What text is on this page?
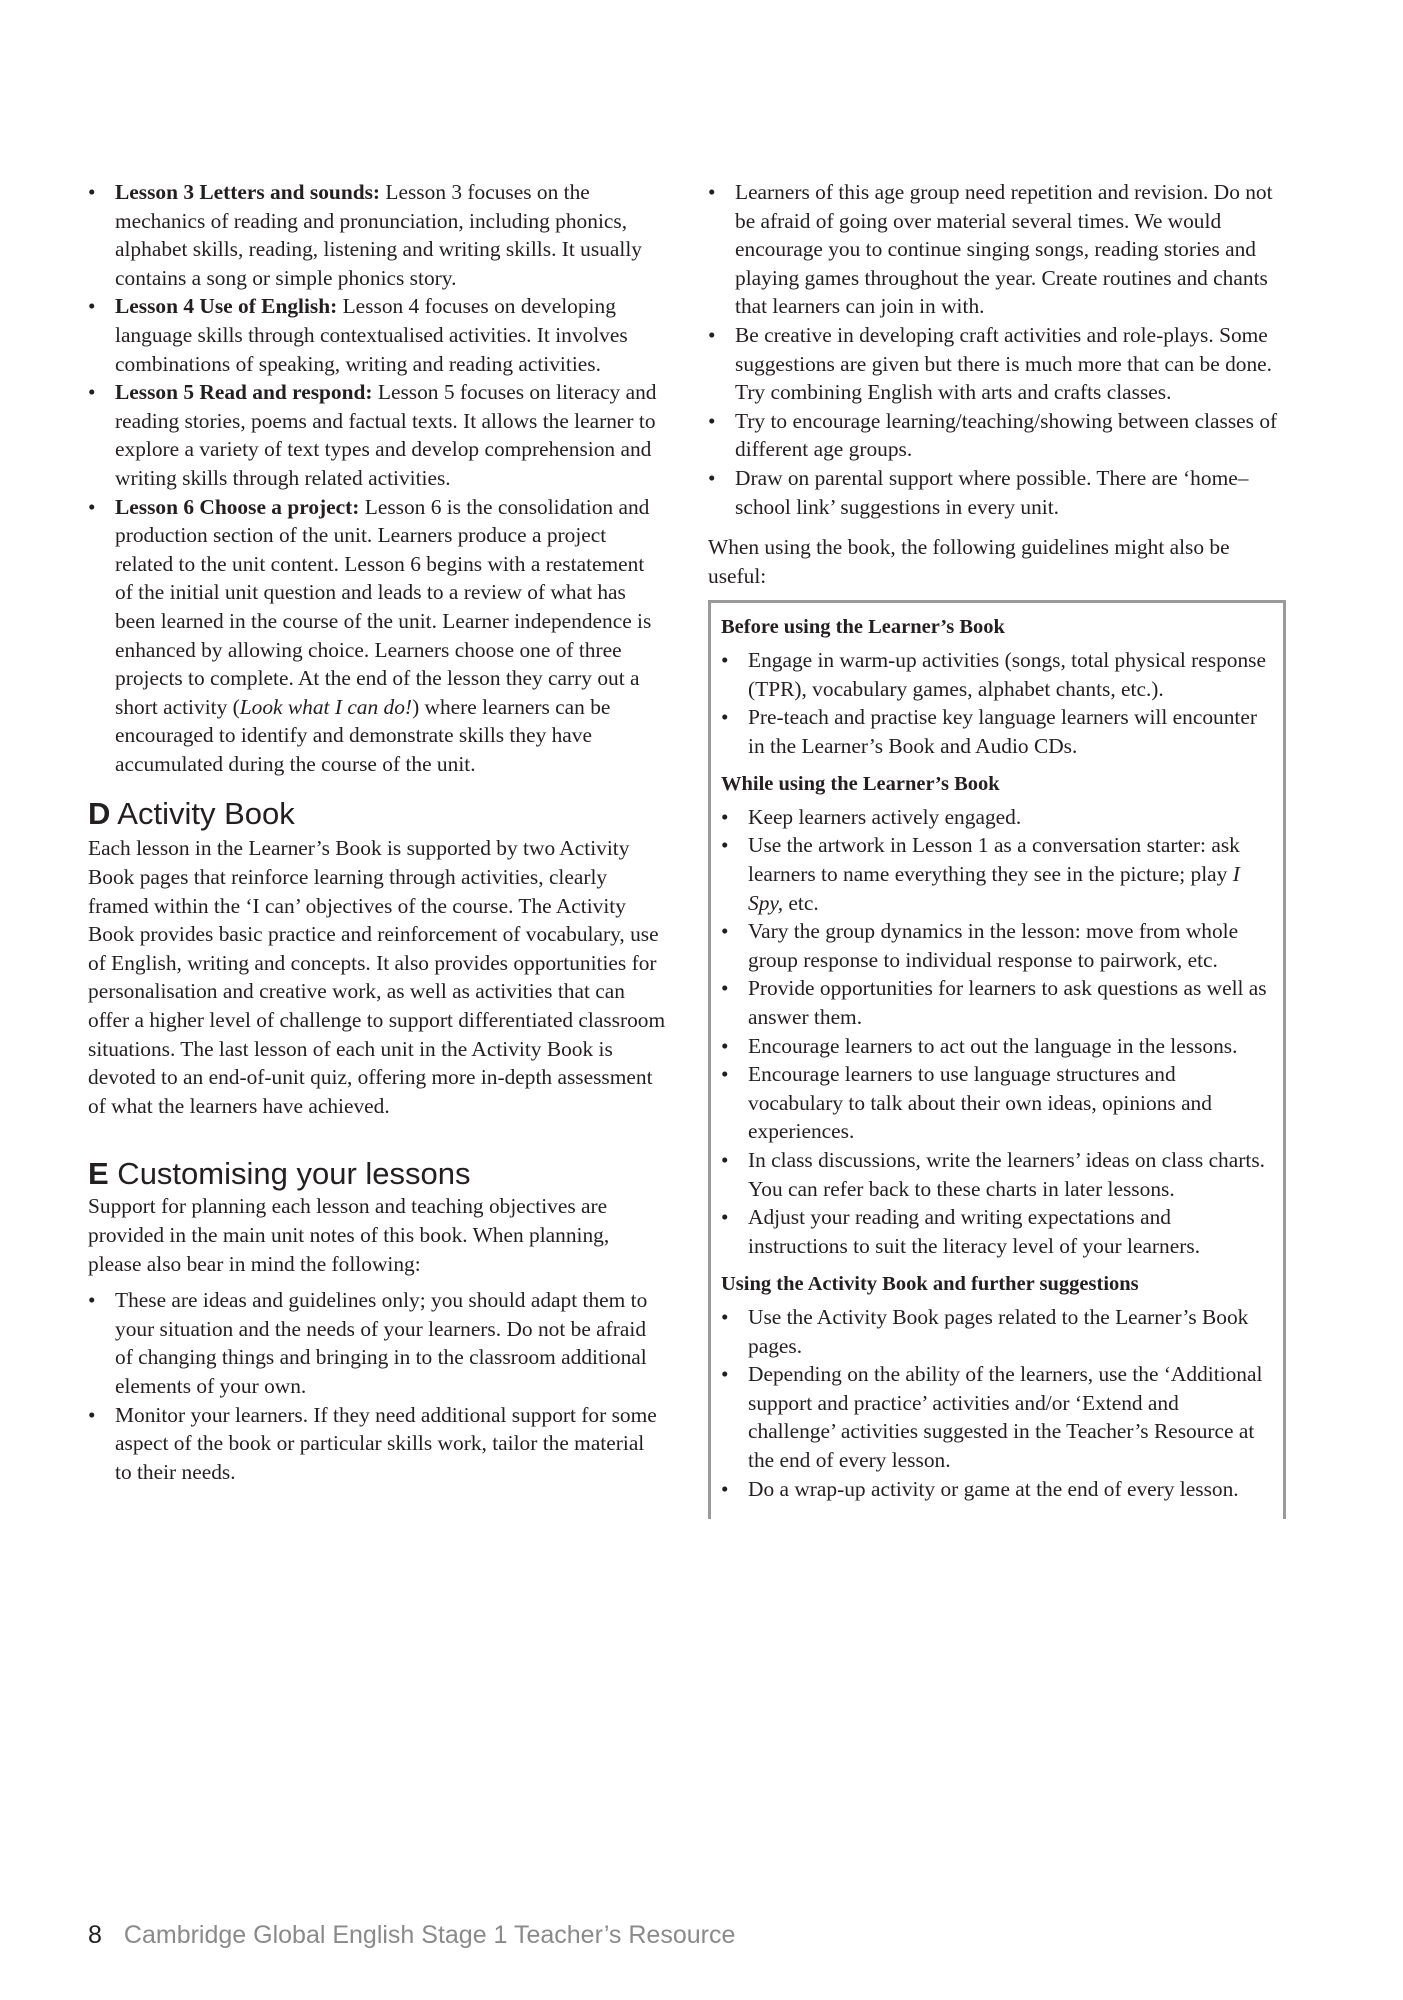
• Lesson 3 Letters and sounds: Lesson 3 focuses on the mechanics of reading and pronunciation, including phonics, alphabet skills, reading, listening and writing skills. It usually contains a song or simple phonics story.
• Lesson 4 Use of English: Lesson 4 focuses on developing language skills through contextualised activities. It involves combinations of speaking, writing and reading activities.
• Lesson 5 Read and respond: Lesson 5 focuses on literacy and reading stories, poems and factual texts. It allows the learner to explore a variety of text types and develop comprehension and writing skills through related activities.
• Lesson 6 Choose a project: Lesson 6 is the consolidation and production section of the unit. Learners produce a project related to the unit content. Lesson 6 begins with a restatement of the initial unit question and leads to a review of what has been learned in the course of the unit. Learner independence is enhanced by allowing choice. Learners choose one of three projects to complete. At the end of the lesson they carry out a short activity (Look what I can do!) where learners can be encouraged to identify and demonstrate skills they have accumulated during the course of the unit.
D Activity Book

Each lesson in the Learner’s Book is supported by two Activity Book pages that reinforce learning through activities, clearly framed within the ‘I can’ objectives of the course. The Activity Book provides basic practice and reinforcement of vocabulary, use of English, writing and concepts. It also provides opportunities for personalisation and creative work, as well as activities that can offer a higher level of challenge to support differentiated classroom situations. The last lesson of each unit in the Activity Book is devoted to an end-of-unit quiz, offering more in-depth assessment of what the learners have achieved.

E Customising your lessons

Support for planning each lesson and teaching objectives are provided in the main unit notes of this book. When planning, please also bear in mind the following:

• These are ideas and guidelines only; you should adapt them to your situation and the needs of your learners. Do not be afraid of changing things and bringing in to the classroom additional elements of your own.
• Monitor your learners. If they need additional support for some aspect of the book or particular skills work, tailor the material to their needs.
• Learners of this age group need repetition and revision. Do not be afraid of going over material several times. We would encourage you to continue singing songs, reading stories and playing games throughout the year. Create routines and chants that learners can join in with.
• Be creative in developing craft activities and role-plays. Some suggestions are given but there is much more that can be done. Try combining English with arts and crafts classes.
• Try to encourage learning/teaching/showing between classes of different age groups.
• Draw on parental support where possible. There are ‘home–school link’ suggestions in every unit.

When using the book, the following guidelines might also be useful:

Before using the Learner’s Book
• Engage in warm-up activities (songs, total physical response (TPR), vocabulary games, alphabet chants, etc.).
• Pre-teach and practise key language learners will encounter in the Learner’s Book and Audio CDs.
While using the Learner’s Book
• Keep learners actively engaged.
• Use the artwork in Lesson 1 as a conversation starter: ask learners to name everything they see in the picture; play I Spy, etc.
• Vary the group dynamics in the lesson: move from whole group response to individual response to pairwork, etc.
• Provide opportunities for learners to ask questions as well as answer them.
• Encourage learners to act out the language in the lessons.
• Encourage learners to use language structures and vocabulary to talk about their own ideas, opinions and experiences.
• In class discussions, write the learners’ ideas on class charts. You can refer back to these charts in later lessons.
• Adjust your reading and writing expectations and instructions to suit the literacy level of your learners.
Using the Activity Book and further suggestions
• Use the Activity Book pages related to the Learner’s Book pages.
• Depending on the ability of the learners, use the ‘Additional support and practice’ activities and/or ‘Extend and challenge’ activities suggested in the Teacher’s Resource at the end of every lesson.
• Do a wrap-up activity or game at the end of every lesson.
8 Cambridge Global English Stage 1 Teacher’s Resource
